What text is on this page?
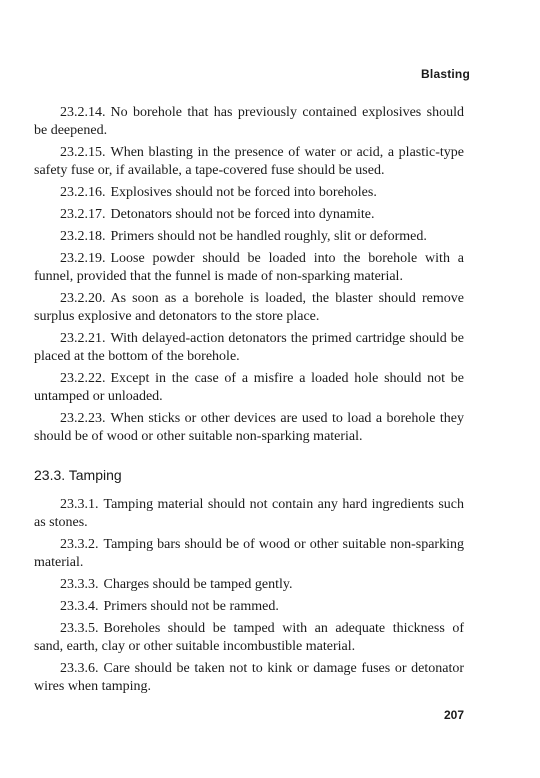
Blasting

23.2.14. No borehole that has previously contained explosives should be deepened.

23.2.15. When blasting in the presence of water or acid, a plastic-type safety fuse or, if available, a tape-covered fuse should be used.

23.2.16. Explosives should not be forced into boreholes.

23.2.17. Detonators should not be forced into dynamite.

23.2.18. Primers should not be handled roughly, slit or deformed.

23.2.19. Loose powder should be loaded into the borehole with a funnel, provided that the funnel is made of non-sparking material.

23.2.20. As soon as a borehole is loaded, the blaster should remove surplus explosive and detonators to the store place.

23.2.21. With delayed-action detonators the primed cartridge should be placed at the bottom of the borehole.

23.2.22. Except in the case of a misfire a loaded hole should not be untamped or unloaded.

23.2.23. When sticks or other devices are used to load a borehole they should be of wood or other suitable non-sparking material.

23.3. Tamping

23.3.1. Tamping material should not contain any hard ingredients such as stones.

23.3.2. Tamping bars should be of wood or other suitable non-sparking material.

23.3.3. Charges should be tamped gently.

23.3.4. Primers should not be rammed.

23.3.5. Boreholes should be tamped with an adequate thickness of sand, earth, clay or other suitable incombustible material.

23.3.6. Care should be taken not to kink or damage fuses or detonator wires when tamping.

207
